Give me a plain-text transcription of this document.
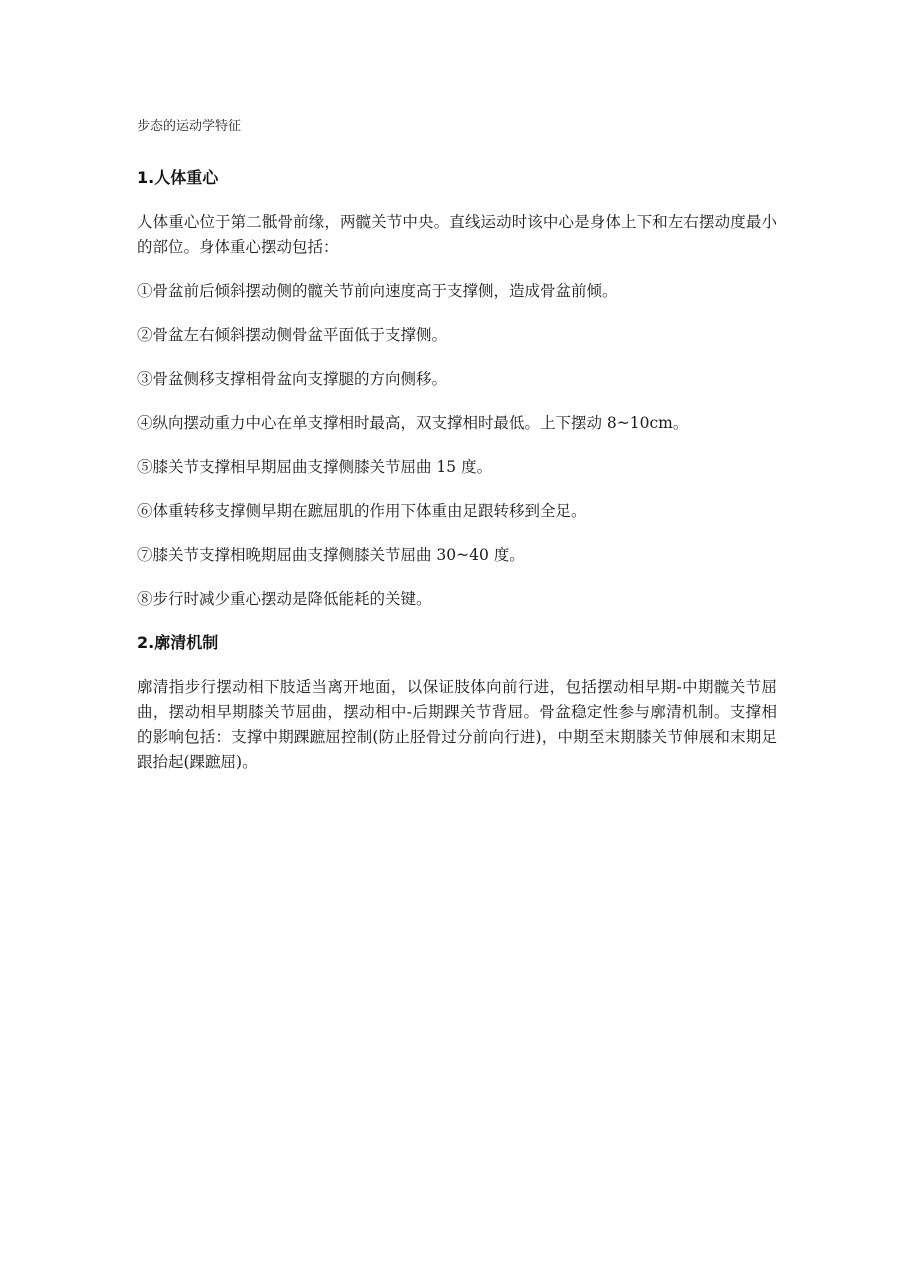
步态的运动学特征
1.人体重心

人体重心位于第二骶骨前缘，两髋关节中央。直线运动时该中心是身体上下和左右摆动度最小的部位。身体重心摆动包括：

①骨盆前后倾斜摆动侧的髋关节前向速度高于支撑侧，造成骨盆前倾。

②骨盆左右倾斜摆动侧骨盆平面低于支撑侧。

③骨盆侧移支撑相骨盆向支撑腿的方向侧移。

④纵向摆动重力中心在单支撑相时最高，双支撑相时最低。上下摆动 8~10cm。

⑤膝关节支撑相早期屈曲支撑侧膝关节屈曲 15 度。

⑥体重转移支撑侧早期在蹠屈肌的作用下体重由足跟转移到全足。

⑦膝关节支撑相晚期屈曲支撑侧膝关节屈曲 30~40 度。

⑧步行时减少重心摆动是降低能耗的关键。

2.廓清机制

廓清指步行摆动相下肢适当离开地面，以保证肢体向前行进，包括摆动相早期-中期髋关节屈曲，摆动相早期膝关节屈曲，摆动相中-后期踝关节背屈。骨盆稳定性参与廓清机制。支撑相的影响包括：支撑中期踝蹠屈控制(防止胫骨过分前向行进)，中期至末期膝关节伸展和末期足跟抬起(踝蹠屈)。
